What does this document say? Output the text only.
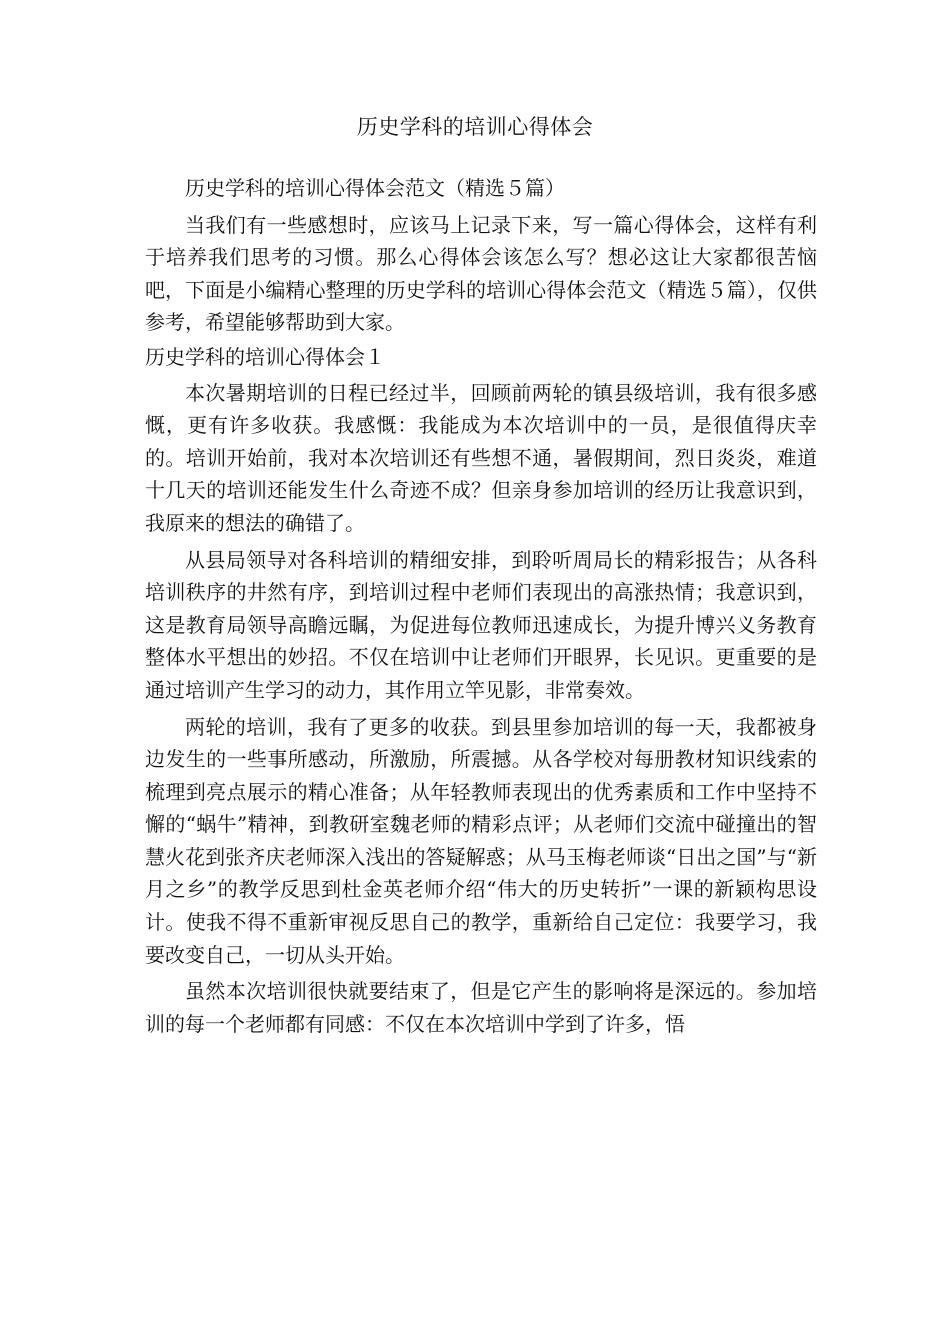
历史学科的培训心得体会

历史学科的培训心得体会范文（精选５篇）

当我们有一些感想时，应该马上记录下来，写一篇心得体会，这样有利于培养我们思考的习惯。那么心得体会该怎么写？想必这让大家都很苦恼吧，下面是小编精心整理的历史学科的培训心得体会范文（精选５篇），仅供参考，希望能够帮助到大家。

历史学科的培训心得体会１

本次暑期培训的日程已经过半，回顾前两轮的镇县级培训，我有很多感慨，更有许多收获。我感慨：我能成为本次培训中的一员，是很值得庆幸的。培训开始前，我对本次培训还有些想不通，暑假期间，烈日炎炎，难道十几天的培训还能发生什么奇迹不成？但亲身参加培训的经历让我意识到，我原来的想法的确错了。

从县局领导对各科培训的精细安排，到聆听周局长的精彩报告；从各科培训秩序的井然有序，到培训过程中老师们表现出的高涨热情；我意识到，这是教育局领导高瞻远瞩，为促进每位教师迅速成长，为提升博兴义务教育整体水平想出的妙招。不仅在培训中让老师们开眼界，长见识。更重要的是通过培训产生学习的动力，其作用立竿见影，非常奏效。

两轮的培训，我有了更多的收获。到县里参加培训的每一天，我都被身边发生的一些事所感动，所激励，所震撼。从各学校对每册教材知识线索的梳理到亮点展示的精心准备；从年轻教师表现出的优秀素质和工作中坚持不懈的“蜗牛”精神，到教研室魏老师的精彩点评；从老师们交流中碰撞出的智慧火花到张齐庆老师深入浅出的答疑解惑；从马玉梅老师谈“日出之国”与“新月之乡”的教学反思到杜金英老师介绍“伟大的历史转折”一课的新颖构思设计。使我不得不重新审视反思自己的教学，重新给自己定位：我要学习，我要改变自己，一切从头开始。

虽然本次培训很快就要结束了，但是它产生的影响将是深远的。参加培训的每一个老师都有同感：不仅在本次培训中学到了许多，悟
